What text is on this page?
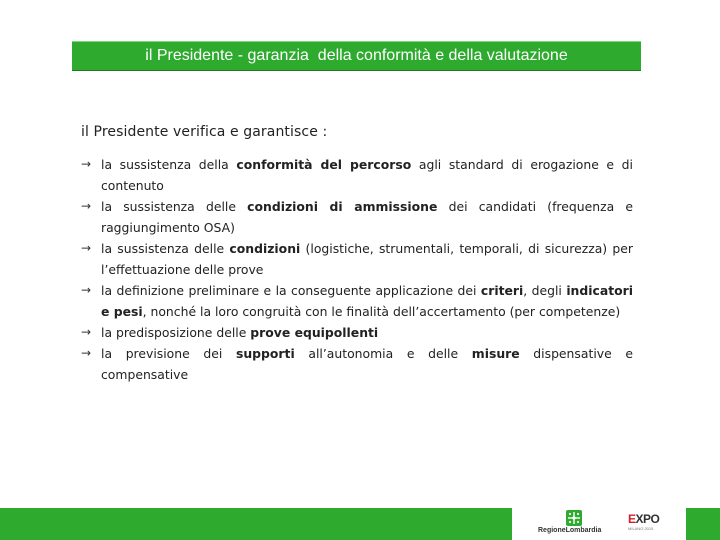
il Presidente - garanzia  della conformità e della valutazione

il Presidente verifica e garantisce :

→ la sussistenza della conformità del percorso agli standard di erogazione e di contenuto
→ la sussistenza delle condizioni di ammissione dei candidati (frequenza e raggiungimento OSA)
→ la sussistenza delle condizioni (logistiche, strumentali, temporali, di sicurezza) per l’effettuazione delle prove
→ la definizione preliminare e la conseguente applicazione dei criteri, degli indicatori e pesi, nonché la loro congruità con le finalità dell’accertamento (per competenze)
→ la predisposizione delle prove equipollenti
→ la previsione dei supporti all’autonomia e delle misure dispensative e compensative
RegioneLombardia
EXPO
MILANO 2015
